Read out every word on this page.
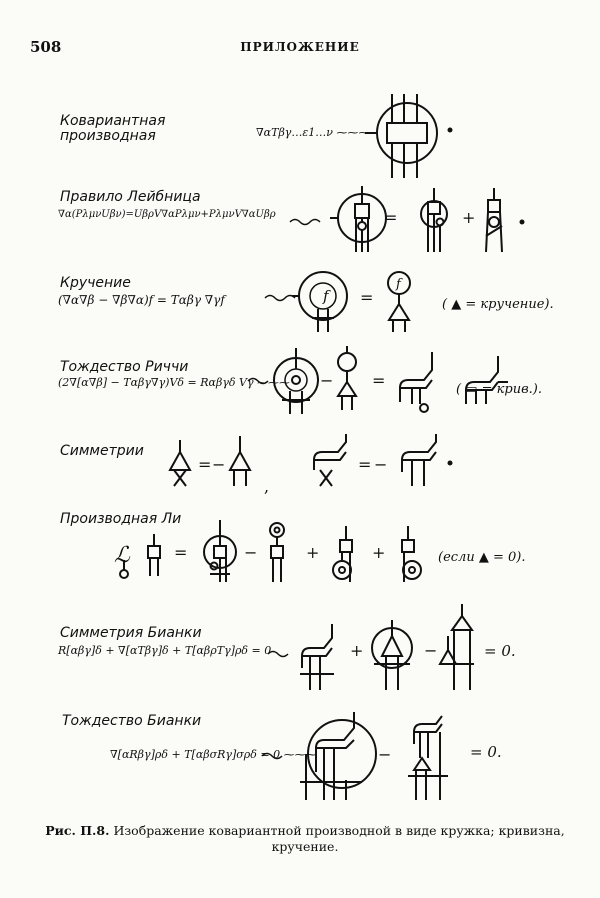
508	ПРИЛОЖЕНИЕ
Ковариантная
производная	∇αTβγ…ε1…ν ⁓⁓⁓
Правило Лейбница
∇α(PλμνUβν)=UβρV∇αPλμν+PλμνV∇αUβρ
Кручение
(∇α∇β − ∇β∇α)f = Tαβγ ∇γf
Тождество Риччи
(2∇[α∇β] − Tαβγ∇γ)Vδ = Rαβγδ Vγ ⁓⁓⁓
Симметрии
Производная Ли
Симметрия Бианки
R[αβγ]δ + ∇[αTβγ]δ + T[αβρTγ]ρδ = 0
Тождество Бианки
∇[αRβγ]ρδ + T[αβσRγ]σρδ = 0 ⁓⁓⁓
( ▲ = кручение).
( ▭ = крив.).
(если ▲ = 0).
= 0.
= 0.
=	+
=
f
f
− =
= −
,
= −
ℒ	=	−	+	+
+	−
−
Рис. П.8. Изображение ковариантной производной в виде кружка; кривизна, кручение.
